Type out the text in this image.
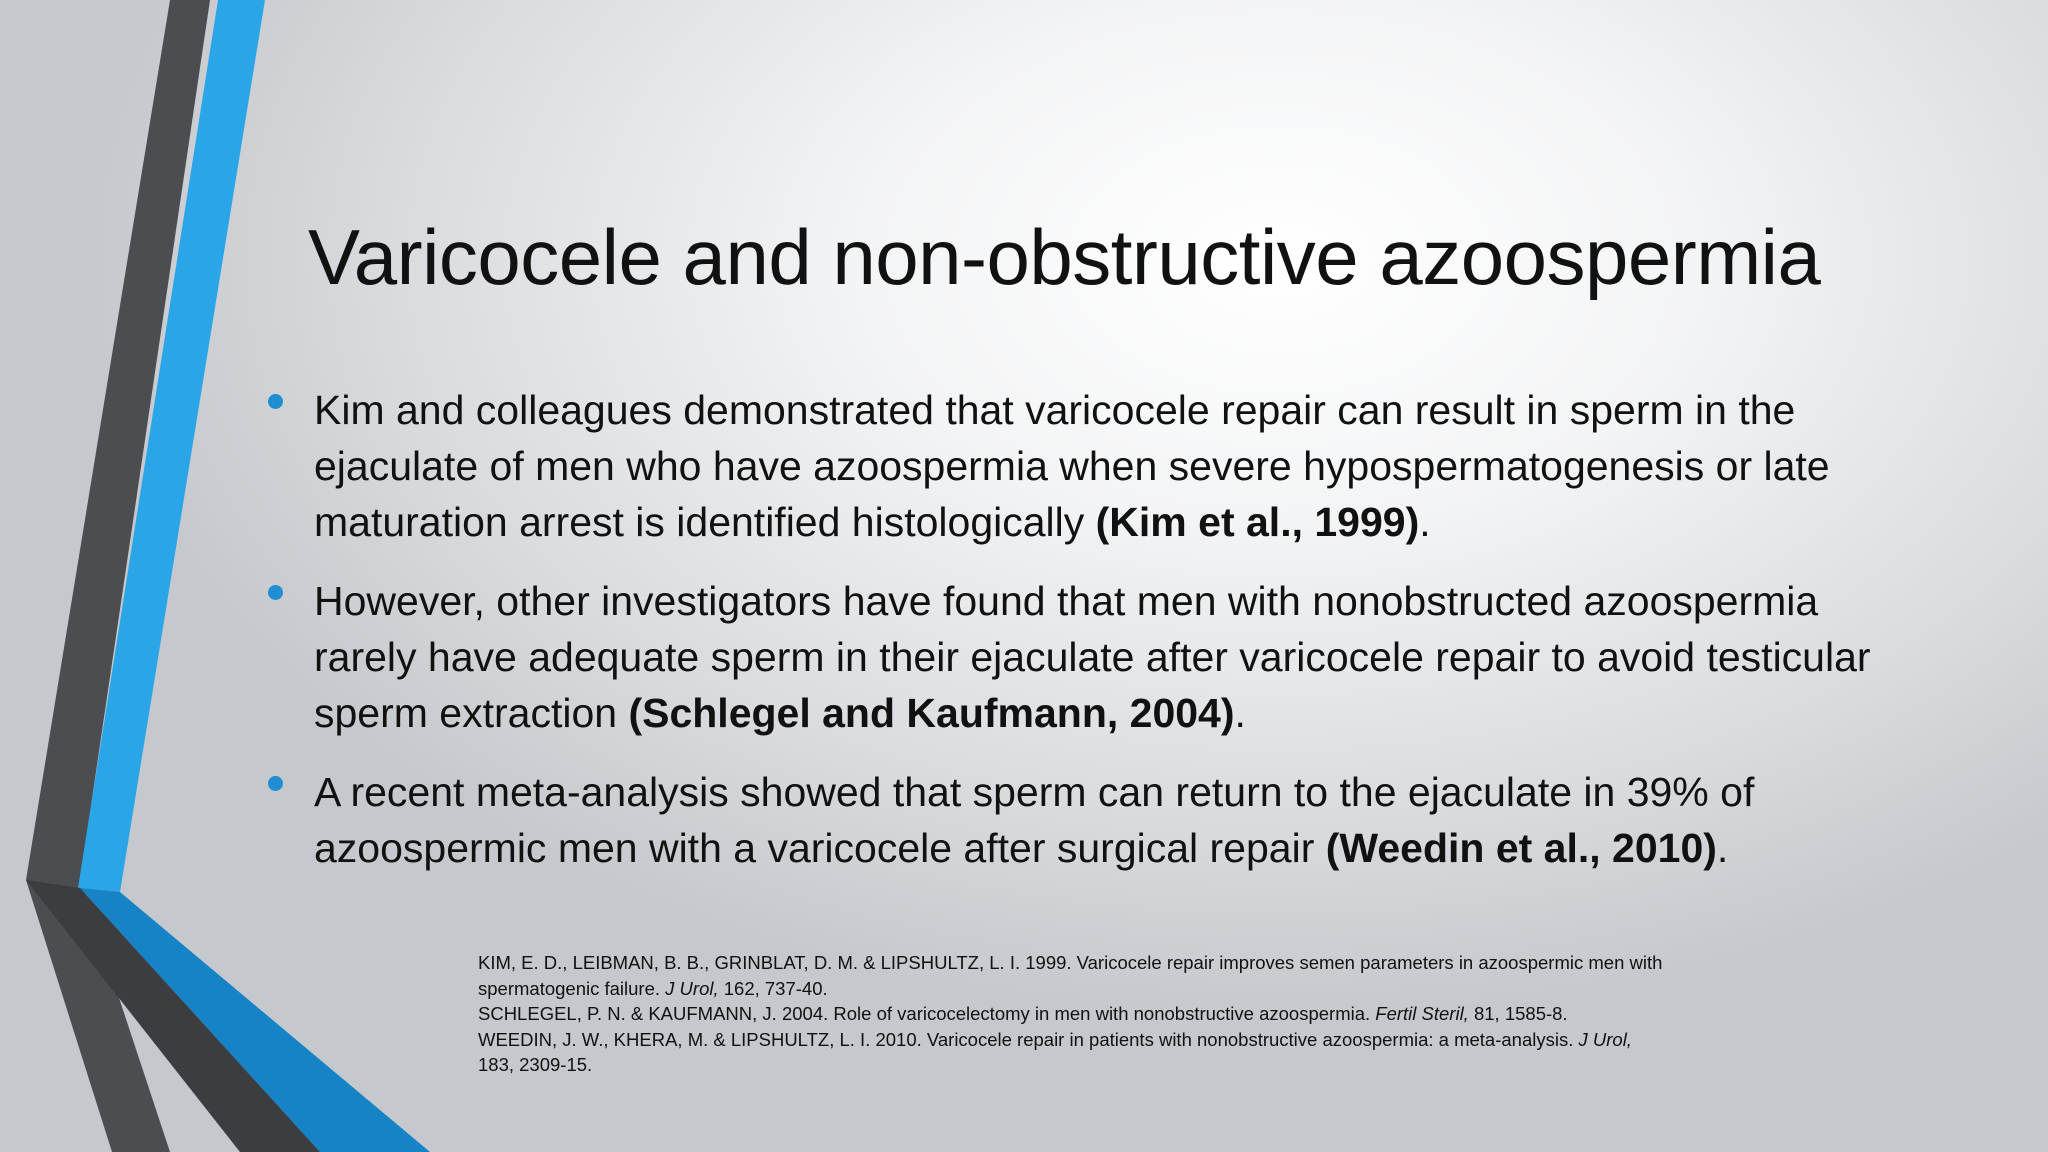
Varicocele and non-obstructive azoospermia
Kim and colleagues demonstrated that varicocele repair can result in sperm in the ejaculate of men who have azoospermia when severe hypospermatogenesis or late maturation arrest is identified histologically (Kim et al., 1999).
However, other investigators have found that men with nonobstructed azoospermia rarely have adequate sperm in their ejaculate after varicocele repair to avoid testicular sperm extraction (Schlegel and Kaufmann, 2004).
A recent meta-analysis showed that sperm can return to the ejaculate in 39% of azoospermic men with a varicocele after surgical repair (Weedin et al., 2010).

KIM, E. D., LEIBMAN, B. B., GRINBLAT, D. M. & LIPSHULTZ, L. I. 1999. Varicocele repair improves semen parameters in azoospermic men with spermatogenic failure. J Urol, 162, 737-40.

SCHLEGEL, P. N. & KAUFMANN, J. 2004. Role of varicocelectomy in men with nonobstructive azoospermia. Fertil Steril, 81, 1585-8.

WEEDIN, J. W., KHERA, M. & LIPSHULTZ, L. I. 2010. Varicocele repair in patients with nonobstructive azoospermia: a meta-analysis. J Urol, 183, 2309-15.
